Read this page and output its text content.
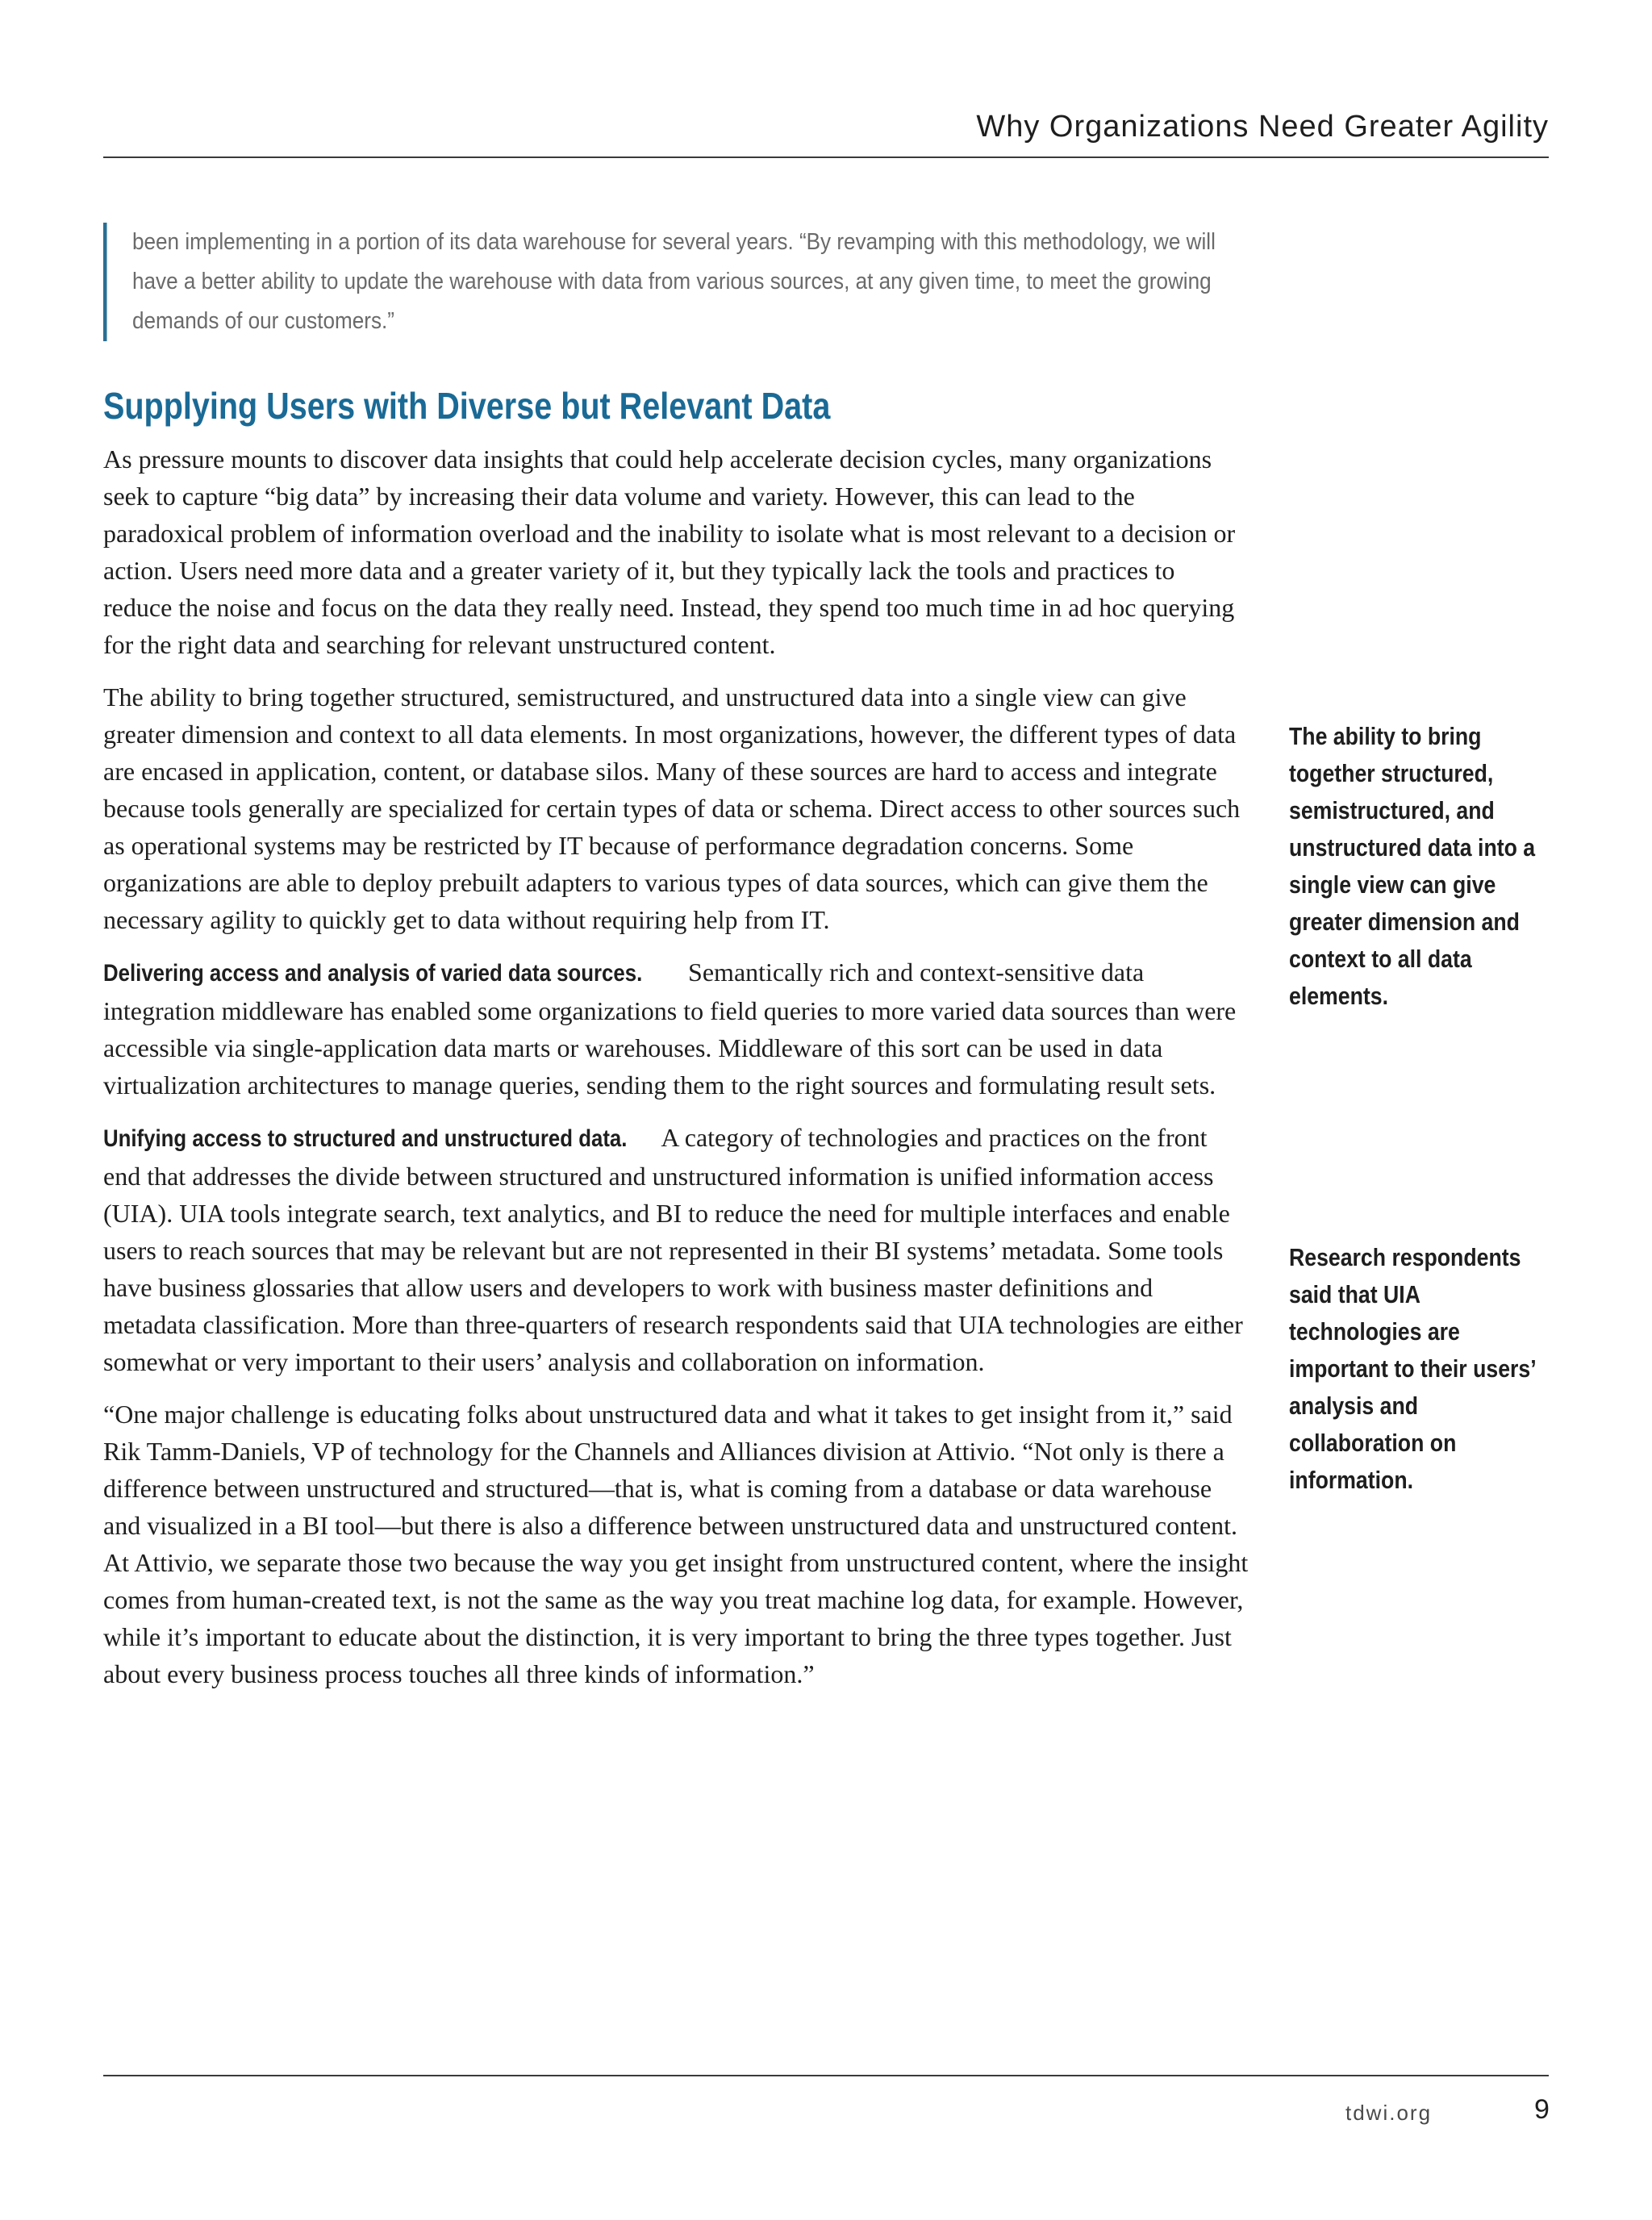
Why Organizations Need Greater Agility
been implementing in a portion of its data warehouse for several years. “By revamping with this methodology, we will have a better ability to update the warehouse with data from various sources, at any given time, to meet the growing demands of our customers.”
Supplying Users with Diverse but Relevant Data

As pressure mounts to discover data insights that could help accelerate decision cycles, many organizations seek to capture “big data” by increasing their data volume and variety. However, this can lead to the paradoxical problem of information overload and the inability to isolate what is most relevant to a decision or action. Users need more data and a greater variety of it, but they typically lack the tools and practices to reduce the noise and focus on the data they really need. Instead, they spend too much time in ad hoc querying for the right data and searching for relevant unstructured content.

The ability to bring together structured, semistructured, and unstructured data into a single view can give greater dimension and context to all data elements. In most organizations, however, the different types of data are encased in application, content, or database silos. Many of these sources are hard to access and integrate because tools generally are specialized for certain types of data or schema. Direct access to other sources such as operational systems may be restricted by IT because of performance degradation concerns. Some organizations are able to deploy prebuilt adapters to various types of data sources, which can give them the necessary agility to quickly get to data without requiring help from IT.

Delivering access and analysis of varied data sources. Semantically rich and context-sensitive data integration middleware has enabled some organizations to field queries to more varied data sources than were accessible via single-application data marts or warehouses. Middleware of this sort can be used in data virtualization architectures to manage queries, sending them to the right sources and formulating result sets.

Unifying access to structured and unstructured data. A category of technologies and practices on the front end that addresses the divide between structured and unstructured information is unified information access (UIA). UIA tools integrate search, text analytics, and BI to reduce the need for multiple interfaces and enable users to reach sources that may be relevant but are not represented in their BI systems’ metadata. Some tools have business glossaries that allow users and developers to work with business master definitions and metadata classification. More than three-quarters of research respondents said that UIA technologies are either somewhat or very important to their users’ analysis and collaboration on information.

“One major challenge is educating folks about unstructured data and what it takes to get insight from it,” said Rik Tamm-Daniels, VP of technology for the Channels and Alliances division at Attivio. “Not only is there a difference between unstructured and structured—that is, what is coming from a database or data warehouse and visualized in a BI tool—but there is also a difference between unstructured data and unstructured content. At Attivio, we separate those two because the way you get insight from unstructured content, where the insight comes from human-created text, is not the same as the way you treat machine log data, for example. However, while it’s important to educate about the distinction, it is very important to bring the three types together. Just about every business process touches all three kinds of information.”

The ability to bring together structured, semistructured, and unstructured data into a single view can give greater dimension and context to all data elements.
Research respondents said that UIA technologies are important to their users’ analysis and collaboration on information.
tdwi.org	9
